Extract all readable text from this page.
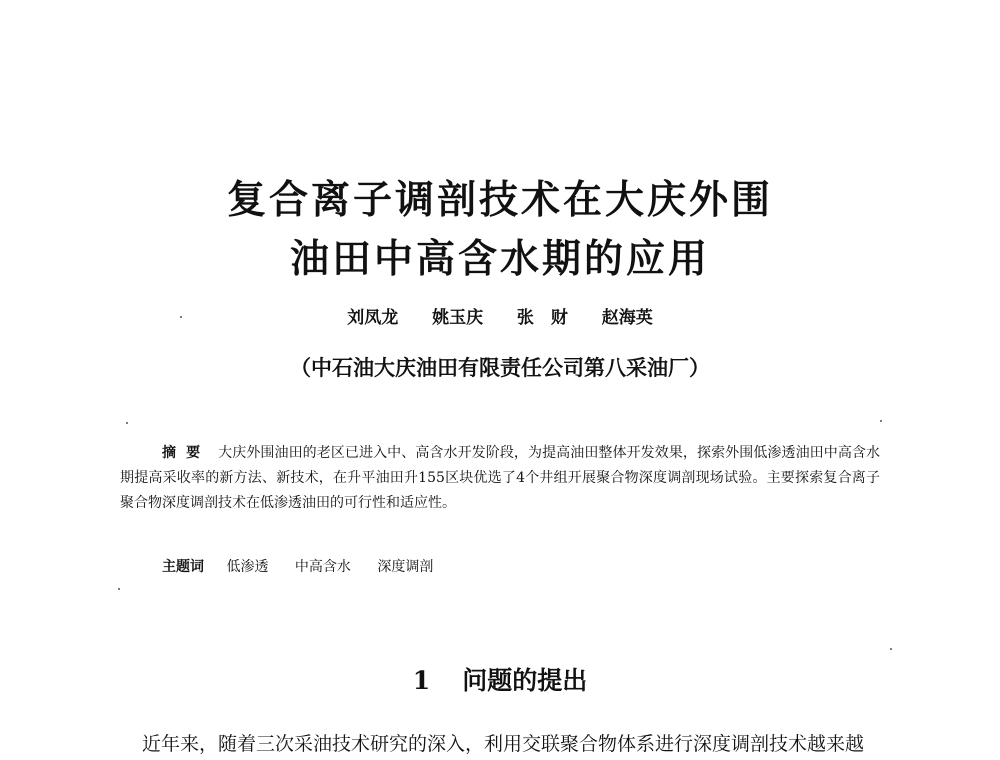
复合离子调剖技术在大庆外围
油田中高含水期的应用
刘凤龙 姚玉庆 张　财 赵海英
（中石油大庆油田有限责任公司第八采油厂）
摘要 大庆外围油田的老区已进入中、高含水开发阶段，为提高油田整体开发效果，探索外围低渗透油田中高含水期提高采收率的新方法、新技术，在升平油田升155区块优选了4个井组开展聚合物深度调剖现场试验。主要探索复合离子聚合物深度调剖技术在低渗透油田的可行性和适应性。
主题词 低渗透 中高含水 深度调剖
1 问题的提出
近年来，随着三次采油技术研究的深入，利用交联聚合物体系进行深度调剖技术越来越
